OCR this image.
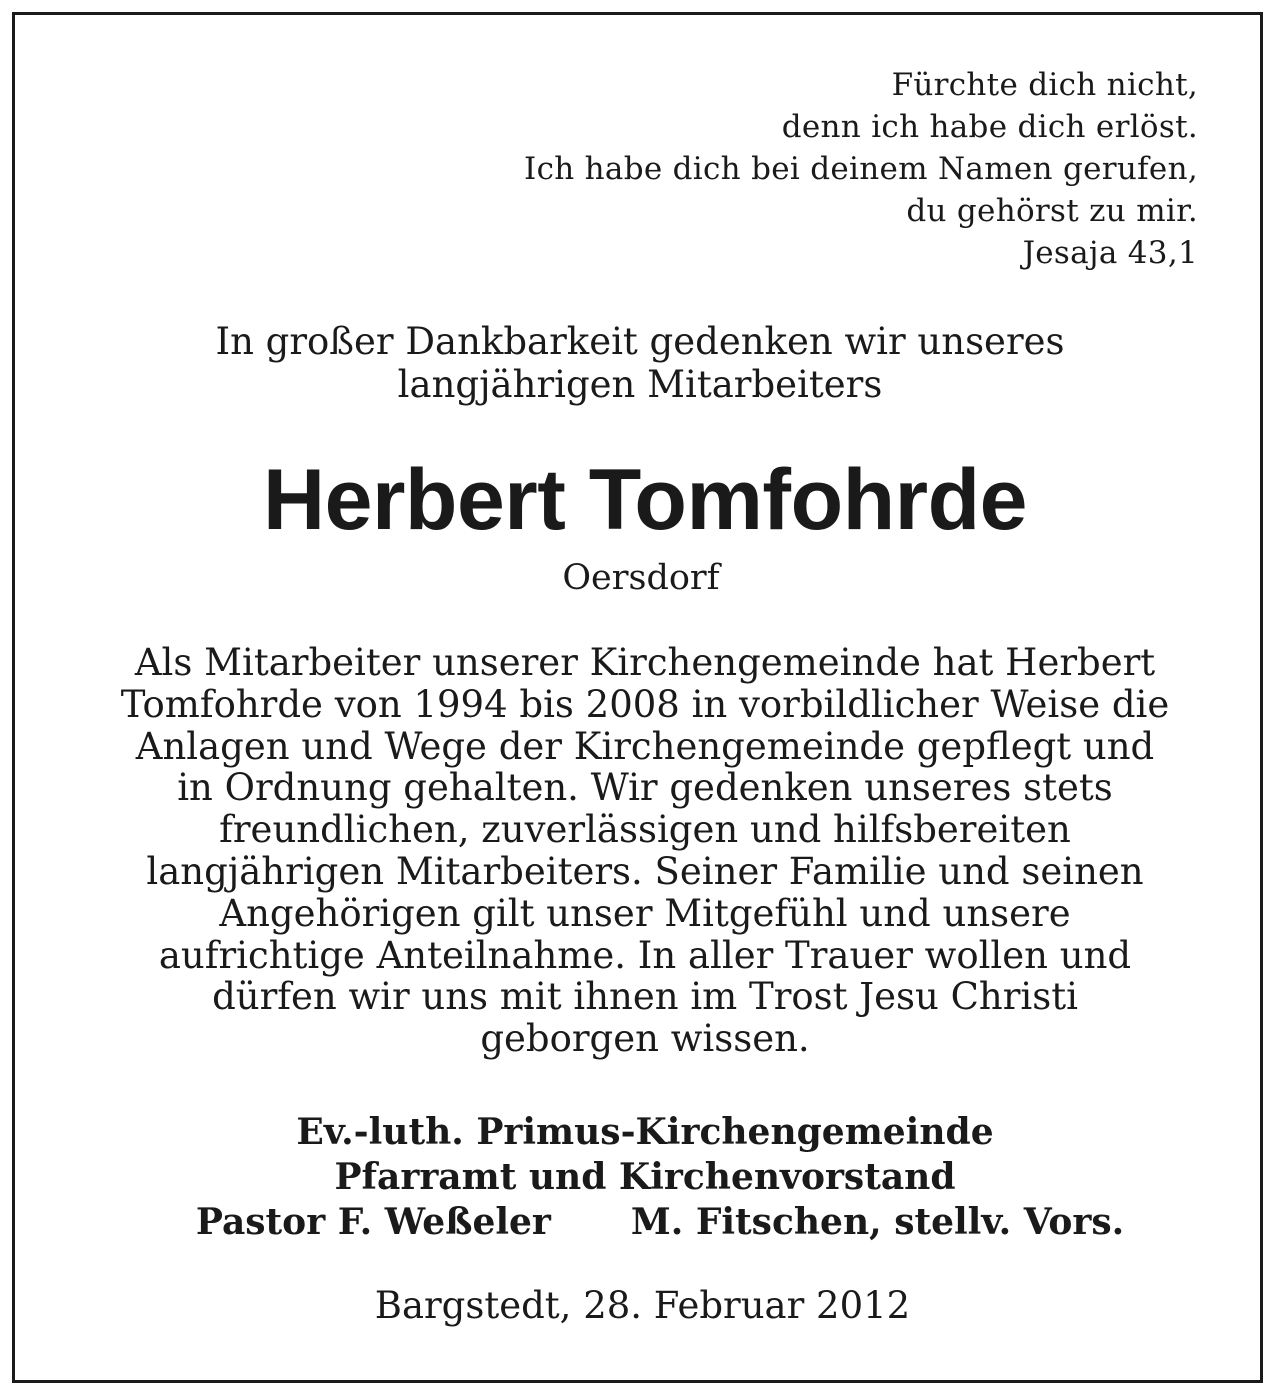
Fürchte dich nicht,
denn ich habe dich erlöst.
Ich habe dich bei deinem Namen gerufen,
du gehörst zu mir.
Jesaja 43,1
In großer Dankbarkeit gedenken wir unseres
langjährigen Mitarbeiters
Herbert Tomfohrde
Oersdorf
Als Mitarbeiter unserer Kirchengemeinde hat Herbert
Tomfohrde von 1994 bis 2008 in vorbildlicher Weise die
Anlagen und Wege der Kirchengemeinde gepflegt und
in Ordnung gehalten. Wir gedenken unseres stets
freundlichen, zuverlässigen und hilfsbereiten
langjährigen Mitarbeiters. Seiner Familie und seinen
Angehörigen gilt unser Mitgefühl und unsere
aufrichtige Anteilnahme. In aller Trauer wollen und
dürfen wir uns mit ihnen im Trost Jesu Christi
geborgen wissen.
Ev.-luth. Primus-Kirchengemeinde
Pfarramt und Kirchenvorstand
Pastor F. Weßeler M. Fitschen, stellv. Vors.
Bargstedt, 28. Februar 2012
